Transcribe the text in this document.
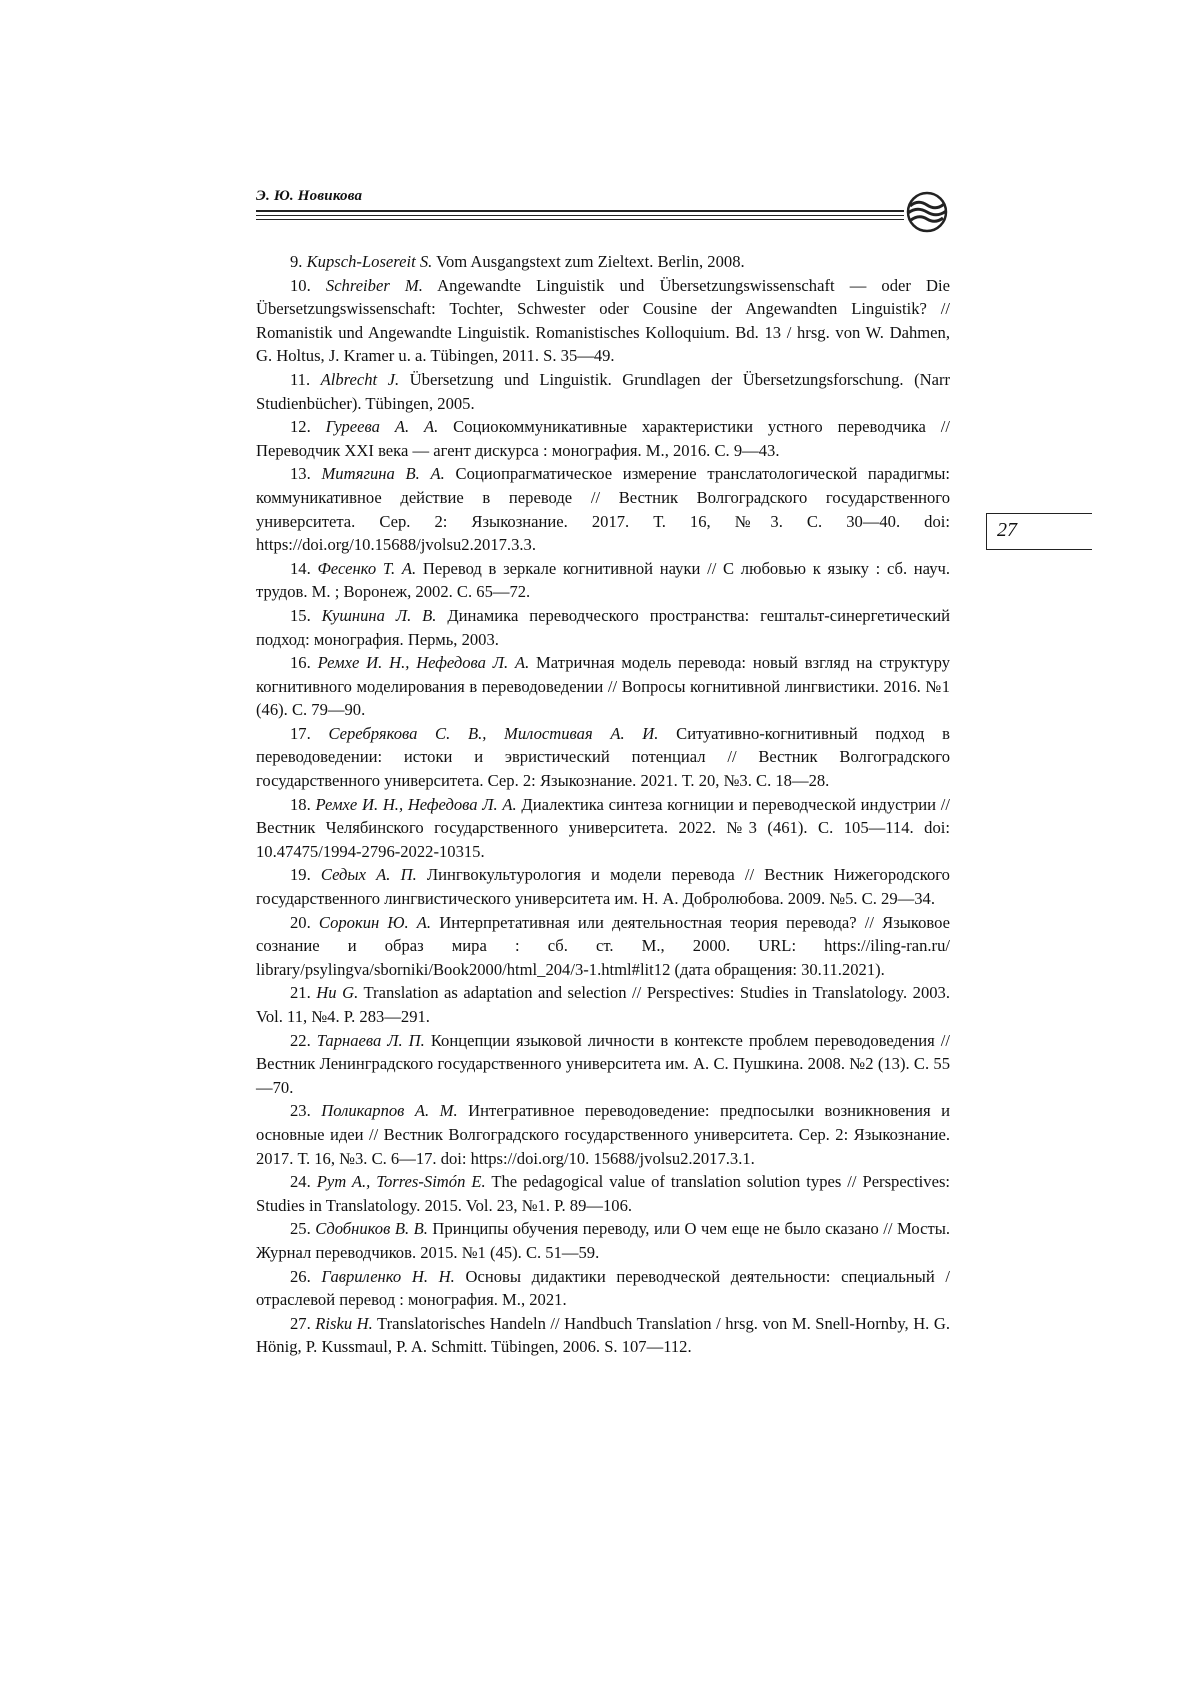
Э. Ю. Новикова
27

9. Kupsch-Losereit S. Vom Ausgangstext zum Zieltext. Berlin, 2008.

10. Schreiber M. Angewandte Linguistik und Übersetzungswissenschaft — oder Die Übersetzungswissenschaft: Tochter, Schwester oder Cousine der Angewandten Linguistik? // Romanistik und Angewandte Linguistik. Romanistisches Kolloquium. Bd. 13 / hrsg. von W. Dahmen, G. Holtus, J. Kramer u. a. Tübingen, 2011. S. 35—49.

11. Albrecht J. Übersetzung und Linguistik. Grundlagen der Übersetzungsforschung. (Narr Studienbücher). Tübingen, 2005.

12. Гуреева А. А. Социокоммуникативные характеристики устного переводчика // Переводчик XXI века — агент дискурса : монография. М., 2016. С. 9—43.

13. Митягина В. А. Социопрагматическое измерение транслатологической парадигмы: коммуникативное действие в переводе // Вестник Волгоградского государственного университета. Сер. 2: Языкознание. 2017. Т. 16, №3. С. 30—40. doi: https://doi.org/10.15688/jvolsu2.2017.3.3.

14. Фесенко Т. А. Перевод в зеркале когнитивной науки // С любовью к языку : сб. науч. трудов. М. ; Воронеж, 2002. С. 65—72.

15. Кушнина Л. В. Динамика переводческого пространства: гештальт-синергетический подход: монография. Пермь, 2003.

16. Ремхе И. Н., Нефедова Л. А. Матричная модель перевода: новый взгляд на структуру когнитивного моделирования в переводоведении // Вопросы когнитивной лингвистики. 2016. №1 (46). С. 79—90.

17. Серебрякова С. В., Милостивая А. И. Ситуативно-когнитивный подход в переводоведении: истоки и эвристический потенциал // Вестник Волгоградского государственного университета. Сер. 2: Языкознание. 2021. Т. 20, №3. С. 18—28.

18. Ремхе И. Н., Нефедова Л. А. Диалектика синтеза когниции и переводческой индустрии // Вестник Челябинского государственного университета. 2022. №3 (461). С. 105—114. doi: 10.47475/1994-2796-2022-10315.

19. Седых А. П. Лингвокультурология и модели перевода // Вестник Нижегородского государственного лингвистического университета им. Н. А. Добролюбова. 2009. №5. С. 29—34.

20. Сорокин Ю. А. Интерпретативная или деятельностная теория перевода? // Языковое сознание и образ мира : сб. ст. М., 2000. URL: https://iling-ran.ru/ library/psylingva/sborniki/Book2000/html_204/3-1.html#lit12 (дата обращения: 30.11.2021).

21. Hu G. Translation as adaptation and selection // Perspectives: Studies in Translatology. 2003. Vol. 11, №4. P. 283—291.

22. Тарнаева Л. П. Концепции языковой личности в контексте проблем переводоведения // Вестник Ленинградского государственного университета им. А. С. Пушкина. 2008. №2 (13). С. 55—70.

23. Поликарпов А. М. Интегративное переводоведение: предпосылки возникновения и основные идеи // Вестник Волгоградского государственного университета. Сер. 2: Языкознание. 2017. Т. 16, №3. С. 6—17. doi: https://doi.org/10. 15688/jvolsu2.2017.3.1.

24. Pym A., Torres-Simón E. The pedagogical value of translation solution types // Perspectives: Studies in Translatology. 2015. Vol. 23, №1. P. 89—106.

25. Сдобников В. В. Принципы обучения переводу, или О чем еще не было сказано // Мосты. Журнал переводчиков. 2015. №1 (45). С. 51—59.

26. Гавриленко Н. Н. Основы дидактики переводческой деятельности: специальный / отраслевой перевод : монография. М., 2021.

27. Risku H. Translatorisches Handeln // Handbuch Translation / hrsg. von M. Snell-Hornby, H. G. Hönig, P. Kussmaul, P. A. Schmitt. Tübingen, 2006. S. 107—112.
